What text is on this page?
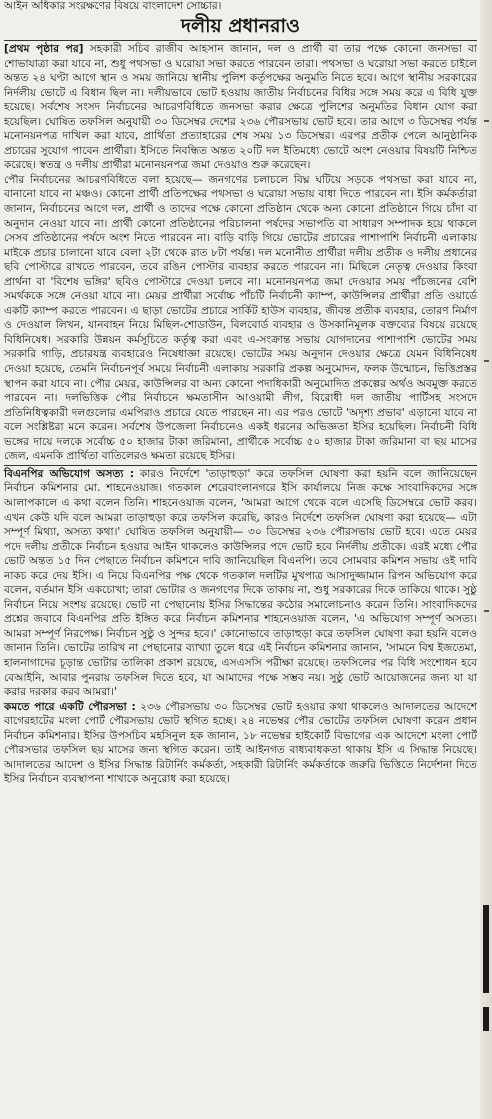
আইন অধিকার সংরক্ষণের বিষয়ে বাংলাদেশ সোচ্চার।
দলীয় প্রধানরাও

[প্রথম পৃষ্ঠার পর] সহকারী সচিব রাজীব আহসান জানান, দল ও প্রার্থী বা তার পক্ষে কোনো জনসভা বা শোভাযাত্রা করা যাবে না, শুধু পথসভা ও ঘরোয়া সভা করতে পারবেন তারা। পথসভা ও ঘরোয়া সভা করতে চাইলে অন্তত ২৪ ঘণ্টা আগে স্থান ও সময় জানিয়ে স্থানীয় পুলিশ কর্তৃপক্ষের অনুমতি নিতে হবে। আগে স্থানীয় সরকারের নির্দলীয় ভোটে এ বিধান ছিল না। দলীয়ভাবে ভোট হওয়ায় জাতীয় নির্বাচনের বিধির সঙ্গে সময় করে এ বিধি যুক্ত হয়েছে। সর্বশেষ সংসদ নির্বাচনের আচরণবিধিতে জনসভা করার ক্ষেত্রে পুলিশের অনুমতির বিধান যোগ করা হয়েছিল। ঘোষিত তফসিল অনুযায়ী ৩০ ডিসেম্বর দেশের ২৩৬ পৌরসভায় ভোট হবে। তার আগে ৩ ডিসেম্বর পর্যন্ত মনোনয়নপত্র দাখিল করা যাবে, প্রার্থিতা প্রত্যাহারের শেষ সময় ১৩ ডিসেম্বর। এরপর প্রতীক পেলে আনুষ্ঠানিক প্রচারের সুযোগ পাবেন প্রার্থীরা। ইসিতে নিবন্ধিত অন্তত ২০টি দল ইতিমধ্যে ভোটে অংশ নেওয়ার বিষয়টি নিশ্চিত করেছে। স্বতন্ত্র ও দলীয় প্রার্থীরা মনোনয়নপত্র জমা দেওয়াও শুরু করেছেন।

পৌর নির্বাচনের আচরণবিধিতে বলা হয়েছে— জনগণের চলাচলে বিঘ্ন ঘটিয়ে সড়কে পথসভা করা যাবে না, বানানো যাবে না মঞ্চও। কোনো প্রার্থী প্রতিপক্ষের পথসভা ও ঘরোয়া সভায় বাধা দিতে পারবেন না। ইসি কর্মকর্তারা জানান, নির্বাচনের আগে দল, প্রার্থী ও তাদের পক্ষে কোনো প্রতিষ্ঠান থেকে অন্য কোনো প্রতিষ্ঠানে গিয়ে চাঁদা বা অনুদান নেওয়া যাবে না। প্রার্থী কোনো প্রতিষ্ঠানের পরিচালনা পর্ষদের সভাপতি বা সাধারণ সম্পাদক হয়ে থাকলে সেসব প্রতিষ্ঠানের পর্ষদে অংশ নিতে পারবেন না। বাড়ি বাড়ি গিয়ে ভোটের প্রচারের পাশাপাশি নির্বাচনী এলাকায় মাইকে প্রচার চালানো যাবে বেলা ২টা থেকে রাত ৮টা পর্যন্ত। দল মনোনীত প্রার্থীরা দলীয় প্রতীক ও দলীয় প্রধানের ছবি পোস্টারে রাখতে পারবেন, তবে রঙিন পোস্টার ব্যবহার করতে পারবেন না। মিছিলে নেতৃত্ব দেওয়ার কিংবা প্রার্থনা বা 'বিশেষ ভঙ্গির' ছবিও পোস্টারে দেওয়া চলবে না। মনোনয়নপত্র জমা দেওয়ার সময় পাঁচজনের বেশি সমর্থককে সঙ্গে নেওয়া যাবে না। মেয়র প্রার্থীরা সর্বোচ্চ পাঁচটি নির্বাচনী ক্যাম্প, কাউন্সিলর প্রার্থীরা প্রতি ওয়ার্ডে একটি ক্যাম্প করতে পারবেন। এ ছাড়া ভোটের প্রচারে সার্কিট হাউস ব্যবহার, জীবন্ত প্রতীক ব্যবহার, তোরণ নির্মাণ ও দেওয়াল লিখন, যানবাহন নিয়ে মিছিল-শোডাউন, বিলবোর্ড ব্যবহার ও উসকানিমূলক বক্তব্যের বিষয়ে রয়েছে বিধিনিষেধ। সরকারি উন্নয়ন কর্মসূচিতে কর্তৃত্ব করা এবং এ-সংক্রান্ত সভায় যোগদানের পাশাপাশি ভোটের সময় সরকারি গাড়ি, প্রচারযন্ত্র ব্যবহারেও নিষেধাজ্ঞা রয়েছে। ভোটের সময় অনুদান দেওয়ার ক্ষেত্রে যেমন বিধিনিষেধ দেওয়া হয়েছে, তেমনি নির্বাচনপূর্ব সময়ে নির্বাচনী এলাকায় সরকারি প্রকল্প অনুমোদন, ফলক উন্মোচন, ভিত্তিপ্রস্তর স্থাপন করা যাবে না। পৌর মেয়র, কাউন্সিলর বা অন্য কোনো পদাধিকারী অনুমোদিত প্রকল্পের অর্থও অবমুক্ত করতে পারবেন না। দলভিত্তিক পৌর নির্বাচনে ক্ষমতাসীন আওয়ামী লীগ, বিরোধী দল জাতীয় পার্টিসহ সংসদে প্রতিনিধিত্বকারী দলগুলোর এমপিরাও প্রচারে যেতে পারছেন না। এর পরও ভোটে 'অদৃশ্য প্রভাব' এড়ানো যাবে না বলে সংশ্লিষ্টরা মনে করেন। সর্বশেষ উপজেলা নির্বাচনেও একই ধরনের অভিজ্ঞতা ইসির হয়েছিল। নির্বাচনী বিধি ভঙ্গের দায়ে দলকে সর্বোচ্চ ৫০ হাজার টাকা জরিমানা, প্রার্থীকে সর্বোচ্চ ৫০ হাজার টাকা জরিমানা বা ছয় মাসের জেল, এমনকি প্রার্থিতা বাতিলেরও ক্ষমতা রয়েছে ইসির।

বিএনপির অভিযোগ অসত্য : কারও নির্দেশে 'তাড়াহুড়া' করে তফসিল ঘোষণা করা হয়নি বলে জানিয়েছেন নির্বাচন কমিশনার মো. শাহনেওয়াজ। গতকাল শেরেবাংলানগরে ইসি কার্যালয়ে নিজ কক্ষে সাংবাদিকদের সঙ্গে আলাপকালে এ কথা বলেন তিনি। শাহনেওয়াজ বলেন, 'আমরা আগে থেকে বলে এসেছি ডিসেম্বরে ভোট করব। এখন কেউ যদি বলে আমরা তাড়াহুড়া করে তফসিল করেছি, কারও নির্দেশে তফসিল ঘোষণা করা হয়েছে— এটা সম্পূর্ণ মিথ্যা, অসত্য কথা।' ঘোষিত তফসিল অনুযায়ী— ৩০ ডিসেম্বর ২৩৬ পৌরসভায় ভোট হবে। এতে মেয়র পদে দলীয় প্রতীকে নির্বাচন হওয়ার আইন থাকলেও কাউন্সিলর পদে ভোট হবে নির্দলীয় প্রতীকে। এরই মধ্যে পৌর ভোট অন্তত ১৫ দিন পেছাতে নির্বাচন কমিশনে দাবি জানিয়েছিল বিএনপি। তবে সোমবার কমিশন সভায় ওই দাবি নাকচ করে দেয় ইসি। এ নিয়ে বিএনপির পক্ষ থেকে গতকাল দলটির মুখপাত্র আসাদুজ্জামান রিপন অভিযোগ করে বলেন, বর্তমান ইসি একচোখা; তারা ভোটার ও জনগণের দিকে তাকায় না, শুধু সরকারের দিকে তাকিয়ে থাকে। সুষ্ঠু নির্বাচন নিয়ে সংশয় রয়েছে। ভোট না পেছানোয় ইসির সিদ্ধান্তের কঠোর সমালোচনাও করেন তিনি। সাংবাদিকদের প্রশ্নের জবাবে বিএনপির প্রতি ইঙ্গিত করে নির্বাচন কমিশনার শাহনেওয়াজ বলেন, 'এ অভিযোগ সম্পূর্ণ অসত্য। আমরা সম্পূর্ণ নিরপেক্ষ। নির্বাচন সুষ্ঠু ও সুন্দর হবে।' কোনোভাবে তাড়াহুড়া করে তফসিল ঘোষণা করা হয়নি বলেও জানান তিনি। ভোটের তারিখ না পেছানোর ব্যাখ্যা তুলে ধরে এই নির্বাচন কমিশনার জানান, 'সামনে বিশ্ব ইজতেমা, হালনাগাদের চূড়ান্ত ভোটার তালিকা প্রকাশ রয়েছে, এসএসসি পরীক্ষা রয়েছে। তফসিলের পর বিধি সংশোধন হবে বেআইনি, আবার পুনরায় তফসিল দিতে হবে, যা আমাদের পক্ষে সম্ভব নয়। সুষ্ঠু ভোট আয়োজনের জন্য যা যা করার দরকার করব আমরা।'

কমতে পারে একটি পৌরসভা : ২৩৬ পৌরসভায় ৩০ ডিসেম্বর ভোট হওয়ার কথা থাকলেও আদালতের আদেশে বাগেরহাটের মংলা পোর্ট পৌরসভায় ভোট স্থগিত হচ্ছে। ২৪ নভেম্বর পৌর ভোটের তফসিল ঘোষণা করেন প্রধান নির্বাচন কমিশনার। ইসির উপসচিব মহসিনুল হক জানান, ১৮ নভেম্বর হাইকোর্ট বিভাগের এক আদেশে মংলা পোর্ট পৌরসভার তফসিল ছয় মাসের জন্য স্থগিত করেন। তাই আইনগত বাধ্যবাধকতা থাকায় ইসি এ সিদ্ধান্ত নিয়েছে। আদালতের আদেশ ও ইসির সিদ্ধান্ত রিটার্নিং কর্মকর্তা, সহকারী রিটার্নিং কর্মকর্তাকে জরুরি ভিত্তিতে নির্দেশনা দিতে ইসির নির্বাচন ব্যবস্থাপনা শাখাকে অনুরোধ করা হয়েছে।
